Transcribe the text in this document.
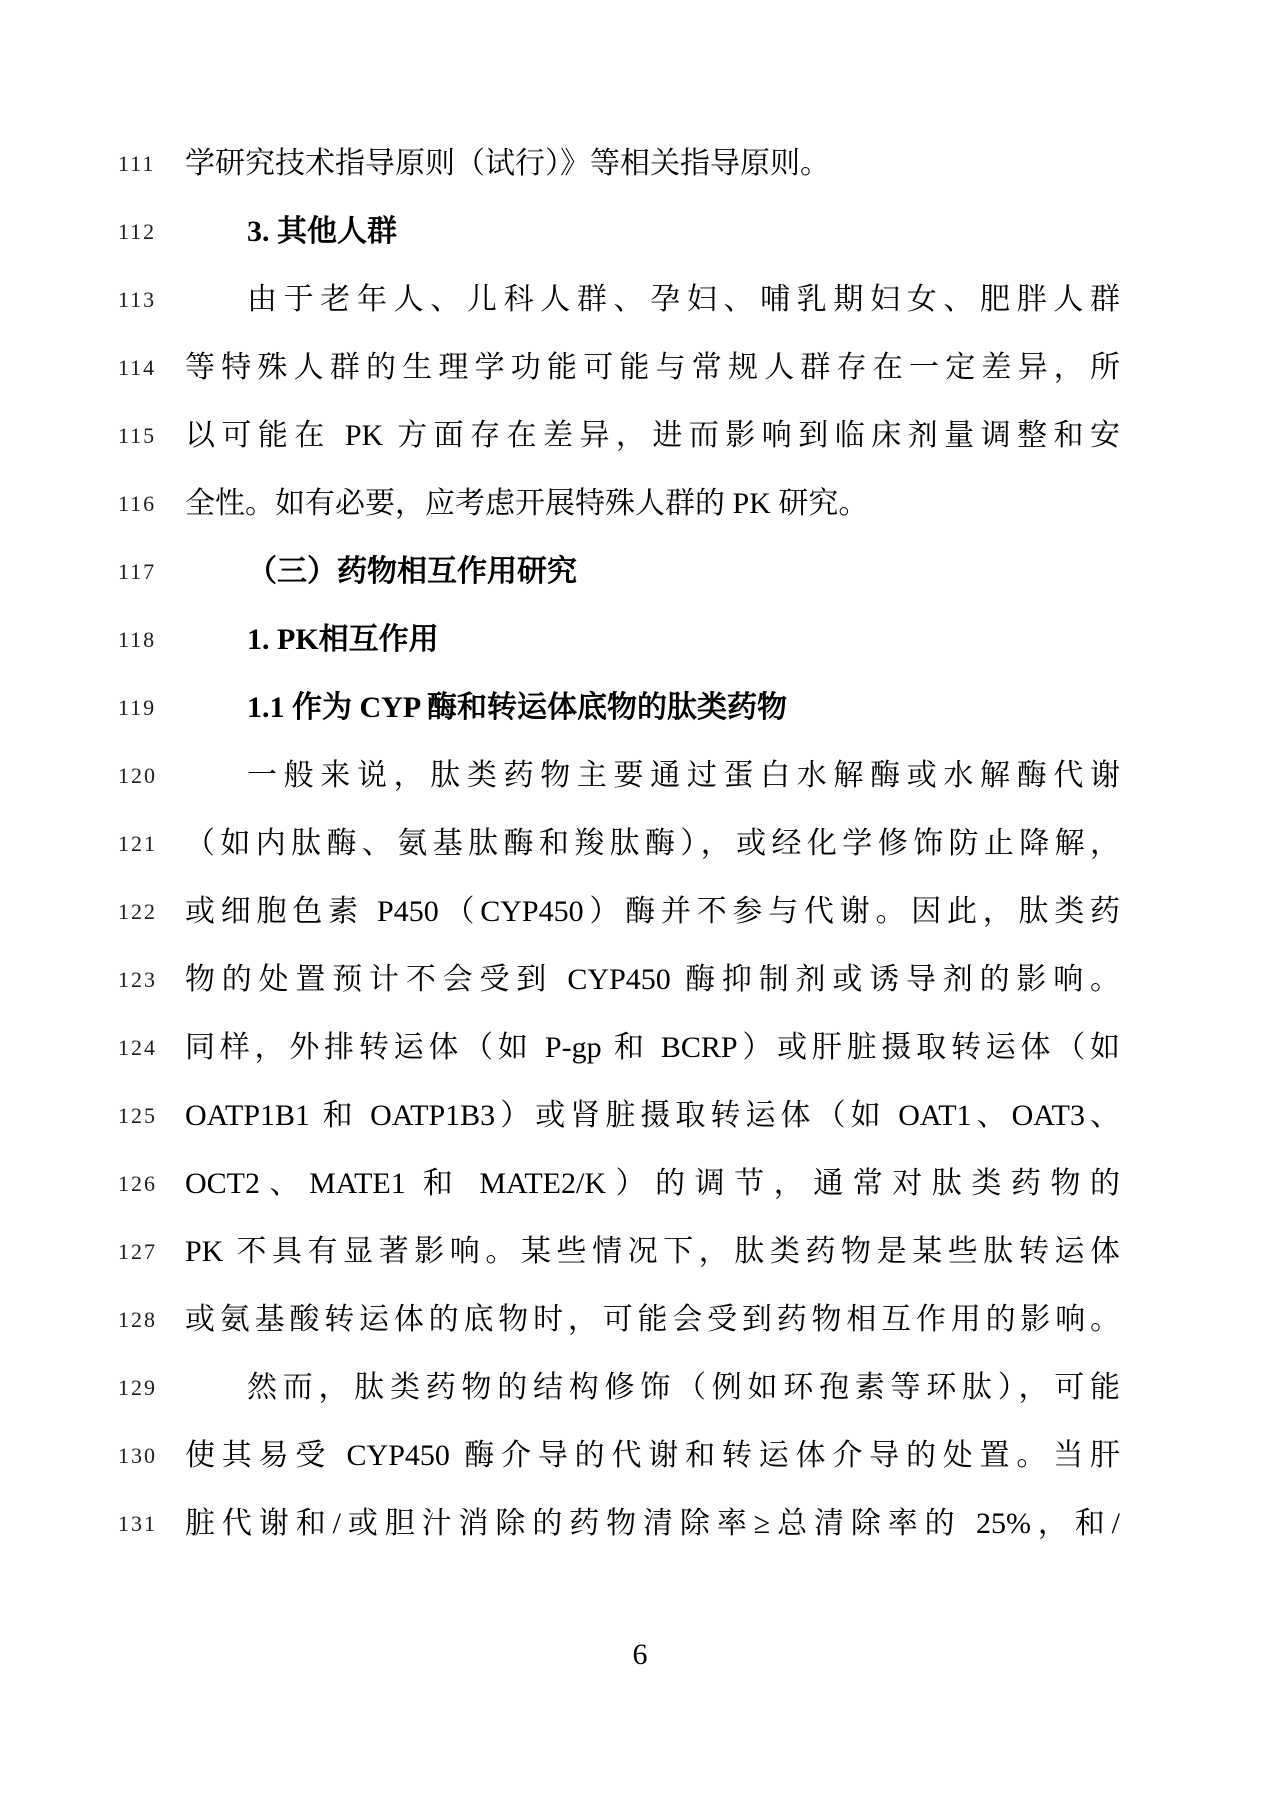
111 学研究技术指导原则（试行）》等相关指导原则。
112	3. 其他人群
113	由于老年人、儿科人群、孕妇、哺乳期妇女、肥胖人群
114 等特殊人群的生理学功能可能与常规人群存在一定差异，所
115 以可能在 PK 方面存在差异，进而影响到临床剂量调整和安
116 全性。如有必要，应考虑开展特殊人群的 PK 研究。
117	（三）药物相互作用研究
118	1. PK相互作用
119	1.1 作为 CYP 酶和转运体底物的肽类药物
120	一般来说，肽类药物主要通过蛋白水解酶或水解酶代谢
121 （如内肽酶、氨基肽酶和羧肽酶），或经化学修饰防止降解，
122 或细胞色素 P450（CYP450）酶并不参与代谢。因此，肽类药
123 物的处置预计不会受到 CYP450 酶抑制剂或诱导剂的影响。
124 同样，外排转运体（如 P-gp 和 BCRP）或肝脏摄取转运体（如
125 OATP1B1 和 OATP1B3）或肾脏摄取转运体（如 OAT1、OAT3、
126 OCT2、MATE1 和 MATE2/K）的调节，通常对肽类药物的
127 PK 不具有显著影响。某些情况下，肽类药物是某些肽转运体
128 或氨基酸转运体的底物时，可能会受到药物相互作用的影响。
129	然而，肽类药物的结构修饰（例如环孢素等环肽），可能
130 使其易受 CYP450 酶介导的代谢和转运体介导的处置。当肝
131 脏代谢和/或胆汁消除的药物清除率≥总清除率的 25%，和/
6
